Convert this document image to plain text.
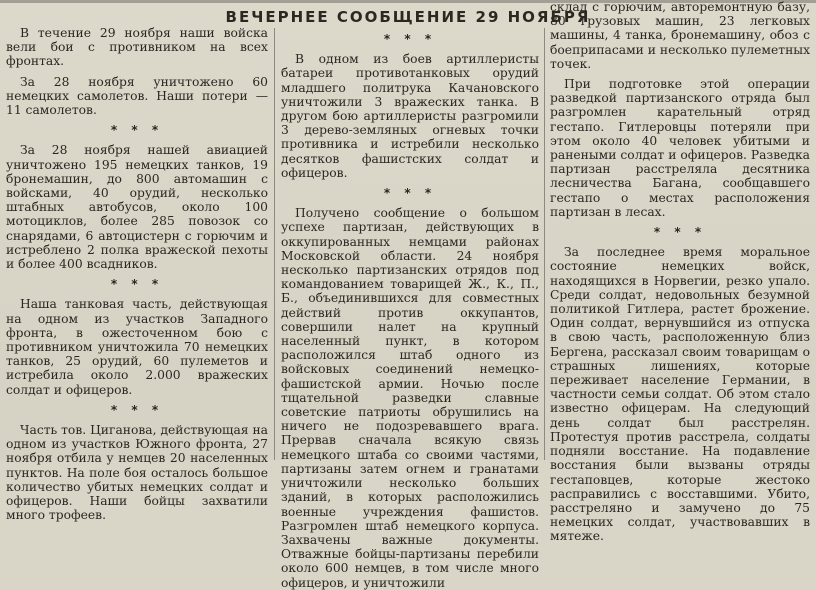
ВЕЧЕРНЕЕ СООБЩЕНИЕ 29 НОЯБРЯ

В течение 29 ноября наши войска вели бои с противником на всех фронтах.

За 28 ноября уничтожено 60 немецких самолетов. Наши потери — 11 самолетов.

* * *

За 28 ноября нашей авиацией уничтожено 195 немецких танков, 19 бронемашин, до 800 автомашин с войсками, 40 орудий, несколько штабных автобусов, около 100 мотоциклов, более 285 повозок со снарядами, 6 автоцистерн с горючим и истреблено 2 полка вражеской пехоты и более 400 всадников.

* * *

Наша танковая часть, действующая на одном из участков Западного фронта, в ожесточенном бою с противником уничтожила 70 немецких танков, 25 орудий, 60 пулеметов и истребила около 2.000 вражеских солдат и офицеров.

* * *

Часть тов. Циганова, действующая на одном из участков Южного фронта, 27 ноября отбила у немцев 20 населенных пунктов. На поле боя осталось большое количество убитых немецких солдат и офицеров. Наши бойцы захватили много трофеев.

* * *

В одном из боев артиллеристы батареи противотанковых орудий младшего политрука Качановского уничтожили 3 вражеских танка. В другом бою артиллеристы разгромили 3 дерево-земляных огневых точки противника и истребили несколько десятков фашистских солдат и офицеров.

* * *

Получено сообщение о большом успехе партизан, действующих в оккупированных немцами районах Московской области. 24 ноября несколько партизанских отрядов под командованием товарищей Ж., К., П., Б., объединившихся для совместных действий против оккупантов, совершили налет на крупный населенный пункт, в котором расположился штаб одного из войсковых соединений немецко-фашистской армии. Ночью после тщательной разведки славные советские патриоты обрушились на ничего не подозревавшего врага. Прервав сначала всякую связь немецкого штаба со своими частями, партизаны затем огнем и гранатами уничтожили несколько больших зданий, в которых расположились военные учреждения фашистов. Разгромлен штаб немецкого корпуса. Захвачены важные документы. Отважные бойцы-партизаны перебили около 600 немцев, в том числе много офицеров, и уничтожили

склад с горючим, авторемонтную базу, 80 грузовых машин, 23 легковых машины, 4 танка, бронемашину, обоз с боеприпасами и несколько пулеметных точек.

При подготовке этой операции разведкой партизанского отряда был разгромлен карательный отряд гестапо. Гитлеровцы потеряли при этом около 40 человек убитыми и ранеными солдат и офицеров. Разведка партизан расстреляла десятника лесничества Багана, сообщавшего гестапо о местах расположения партизан в лесах.

* * *

За последнее время моральное состояние немецких войск, находящихся в Норвегии, резко упало. Среди солдат, недовольных безумной политикой Гитлера, растет брожение. Один солдат, вернувшийся из отпуска в свою часть, расположенную близ Бергена, рассказал своим товарищам о страшных лишениях, которые переживает население Германии, в частности семьи солдат. Об этом стало известно офицерам. На следующий день солдат был расстрелян. Протестуя против расстрела, солдаты подняли восстание. На подавление восстания были вызваны отряды гестаповцев, которые жестоко расправились с восставшими. Убито, расстреляно и замучено до 75 немецких солдат, участвовавших в мятеже.
